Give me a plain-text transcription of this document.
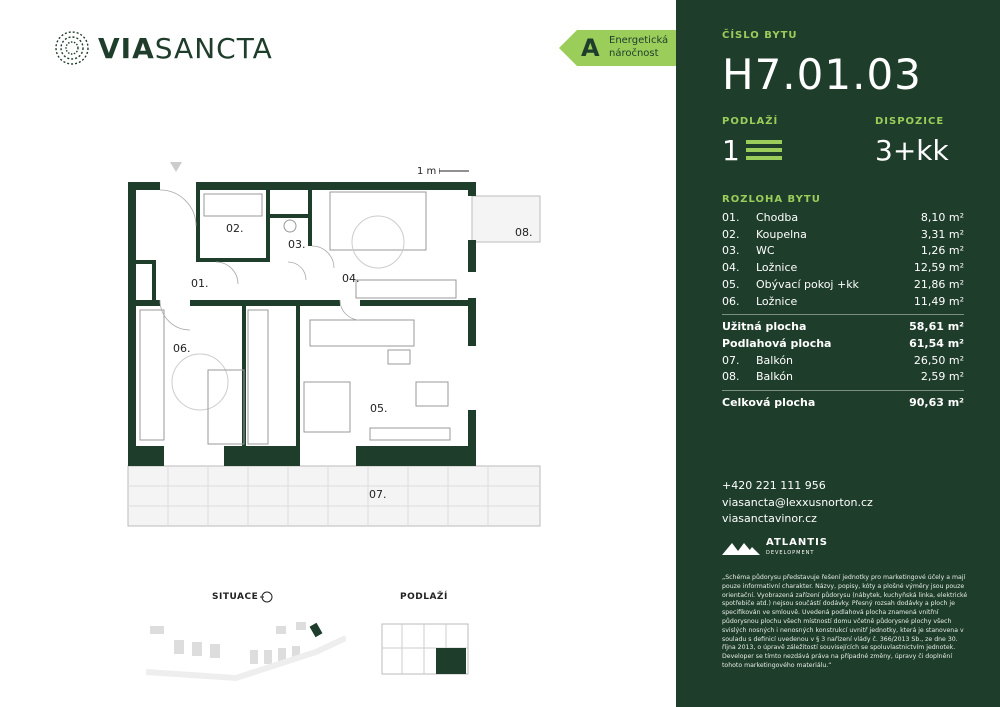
VIASANCTA	A Energetická náročnost
1 m
02.
03.
01.	04.
08.
06.
05.
07.
SITUACE	PODLAŽÍ
ČÍSLO BYTU
H7.01.03
PODLAŽÍ
1
DISPOZICE
3+kk
ROZLOHA BYTU
01.	Chodba	8,10 m²
02.	Koupelna	3,31 m²
03.	WC	1,26 m²
04.	Ložnice	12,59 m²
05.	Obývací pokoj +kk	21,86 m²
06.	Ložnice	11,49 m²
Užitná plocha	58,61 m²
Podlahová plocha	61,54 m²
07.	Balkón	26,50 m²
08.	Balkón	2,59 m²
Celková plocha	90,63 m²
+420 221 111 956
viasancta@lexxusnorton.cz
viasanctavinor.cz
ATLANTIS
DEVELOPMENT
„Schéma půdorysu představuje řešení jednotky pro marketingové účely a mají pouze informativní charakter. Názvy, popisy, kóty a plošné výměry jsou pouze orientační. Vyobrazená zařízení půdorysu (nábytek, kuchyňská linka, elektrické spotřebiče atd.) nejsou součástí dodávky. Přesný rozsah dodávky a ploch je specifikován ve smlouvě. Uvedená podlahová plocha znamená vnitřní půdorysnou plochu všech místností domu včetně půdorysné plochy všech svislých nosných i nenosných konstrukcí uvnitř jednotky, která je stanovena v souladu s definicí uvedenou v § 3 nařízení vlády č. 366/2013 Sb., ze dne 30. října 2013, o úpravě záležitostí souvisejících se spoluvlastnictvím jednotek. Developer se tímto nezdává práva na případné změny, úpravy či doplnění tohoto marketingového materiálu.“
